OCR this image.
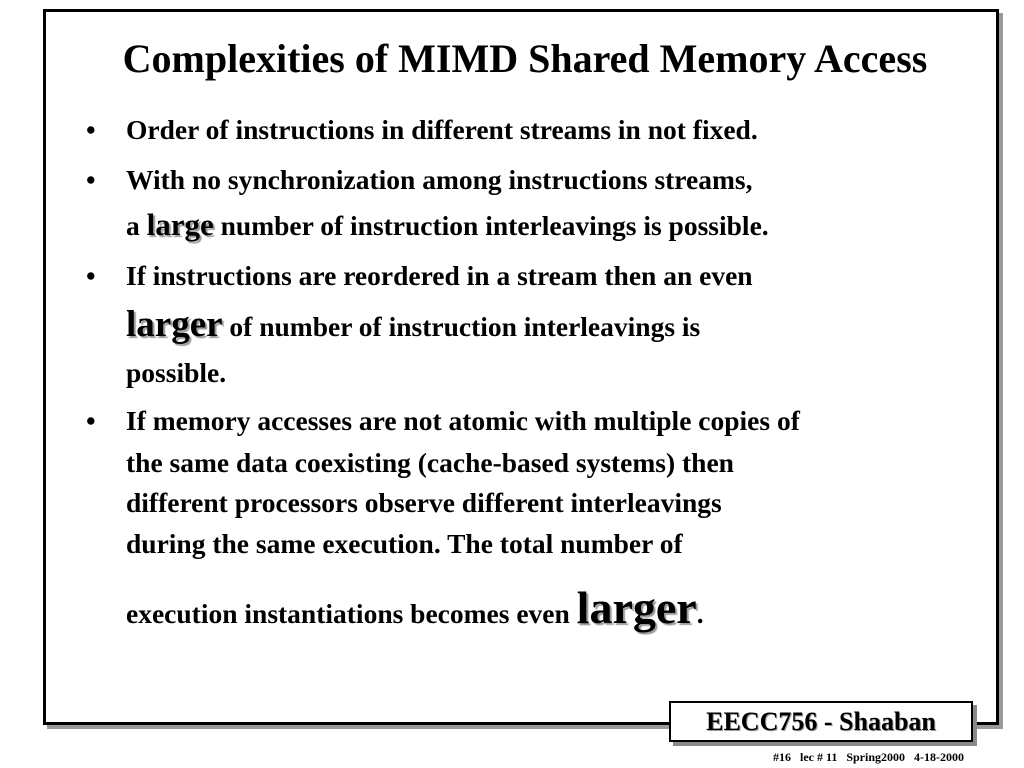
Complexities of MIMD Shared Memory Access
• Order of instructions in different streams in not fixed.
• With no synchronization among instructions streams,
a large number of instruction interleavings is possible.
• If instructions are reordered in a stream then an even
larger of number of instruction interleavings is
possible.
• If memory accesses are not atomic with multiple copies of
the same data coexisting (cache-based systems) then
different processors observe different interleavings
during the same execution. The total number of
execution instantiations becomes even larger.
EECC756 - Shaaban
#16   lec # 11   Spring2000   4-18-2000
